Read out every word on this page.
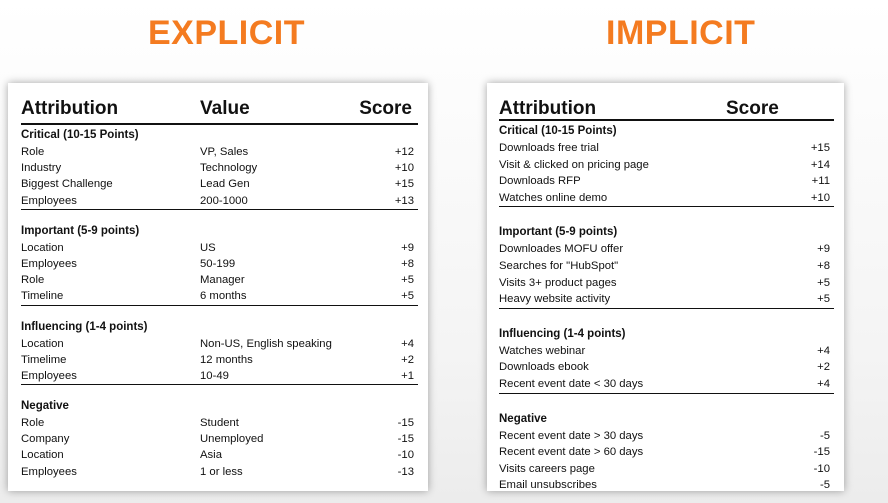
EXPLICIT	IMPLICIT
Attribution	Value	Score
Critical (10-15 Points)
Role	VP, Sales	+12
Industry	Technology	+10
Biggest Challenge	Lead Gen	+15
Employees	200-1000	+13
Important (5-9 points)
Location	US	+9
Employees	50-199	+8
Role	Manager	+5
Timeline	6 months	+5
Influencing (1-4 points)
Location	Non-US, English speaking	+4
Timelime	12 months	+2
Employees	10-49	+1
Negative
Role	Student	-15
Company	Unemployed	-15
Location	Asia	-10
Employees	1 or less	-13
Attribution	Score
Critical (10-15 Points)
Downloads free trial	+15
Visit & clicked on pricing page	+14
Downloads RFP	+11
Watches online demo	+10
Important (5-9 points)
Downloades MOFU offer	+9
Searches for "HubSpot"	+8
Visits 3+ product pages	+5
Heavy website activity	+5
Influencing (1-4 points)
Watches webinar	+4
Downloads ebook	+2
Recent event date < 30 days	+4
Negative
Recent event date > 30 days	-5
Recent event date > 60 days	-15
Visits careers page	-10
Email unsubscribes	-5
